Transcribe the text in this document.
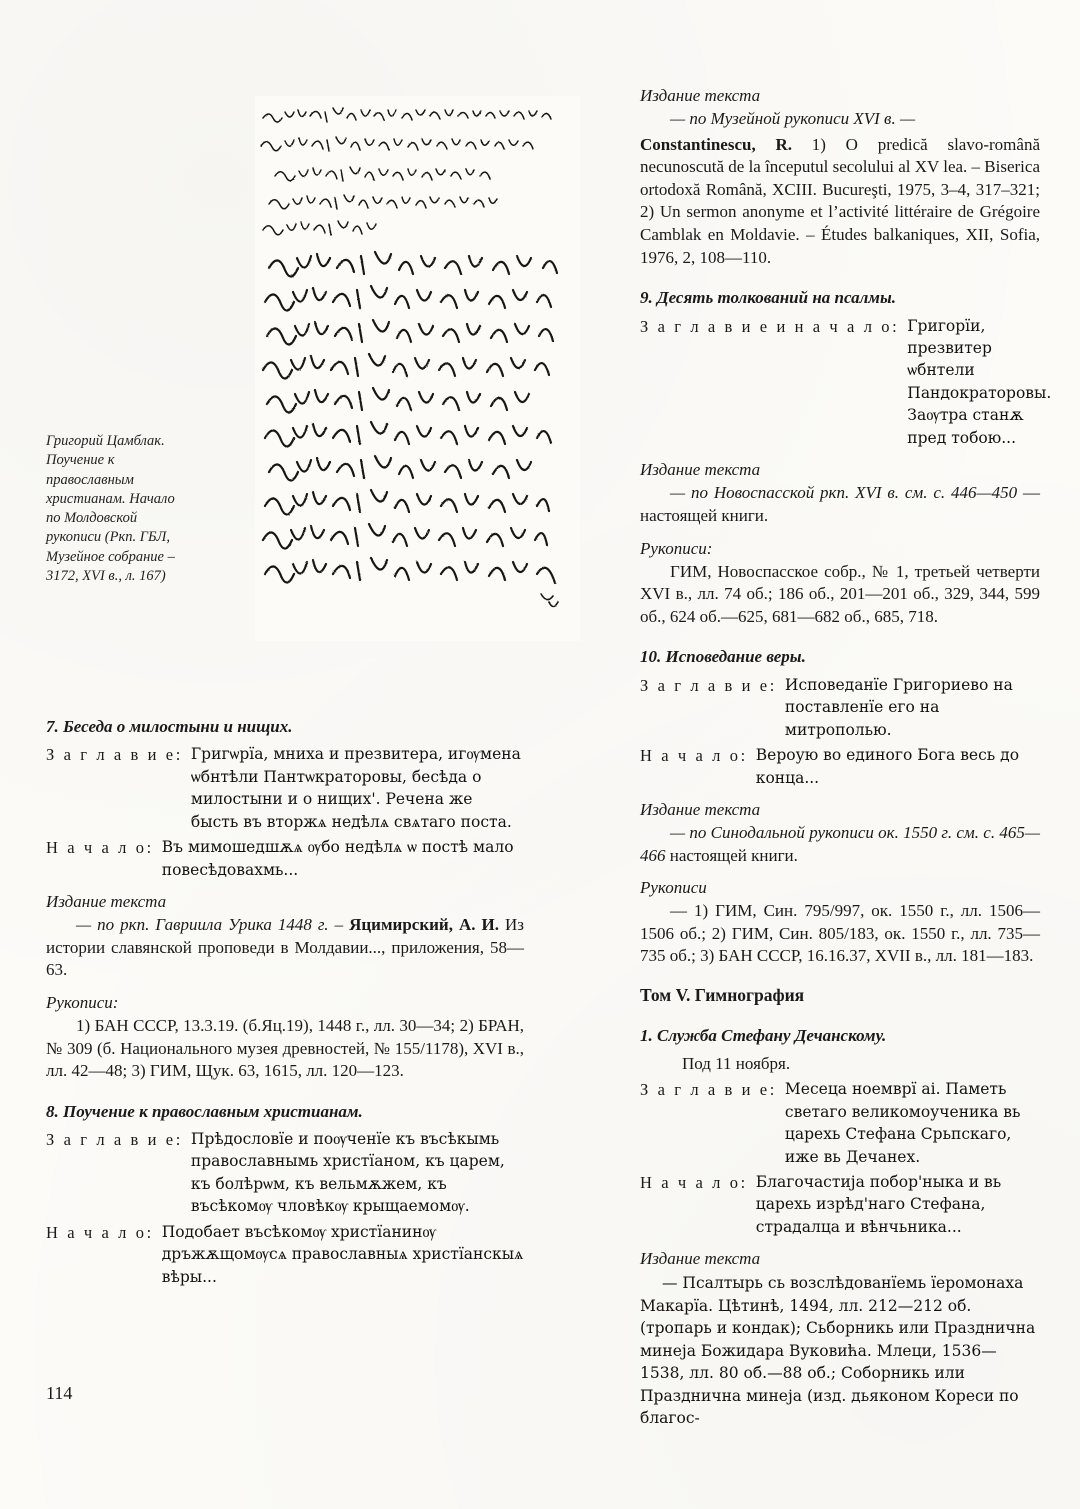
Григорий Цамблак. Поучение к православным христианам. Начало по Молдовской рукописи (Ркп. ГБЛ, Музейное собрание – 3172, XVI в., л. 167)
7. Беседа о милостыни и нищих.
З а г л а в и е: Григѡрїа, мниха и презвитера, игѹмена ѡбнтѣли Пантѡкраторовы, бесѣда о милостыни и о нищих'. Речена же бысть въ вторжѧ недѣлѧ свѧтаго поста.
Н а ч а л о: Въ мимошедшѫѧ ѹбо недѣлѧ ѡ постѣ мало повесѣдовахмь...
Издание текста

— по ркп. Гавриила Урика 1448 г. – Яцимирский, А. И. Из истории славянской проповеди в Молдавии..., приложения, 58—63.

Рукописи:

1) БАН СССР, 13.3.19. (б.Яц.19), 1448 г., лл. 30—34; 2) БРАН, № 309 (б. Национального музея древностей, № 155/1178), XVI в., лл. 42—48; 3) ГИМ, Щук. 63, 1615, лл. 120—123.

8. Поучение к православным христианам.
З а г л а в и е: Прѣдословїе и поѹченїе къ въсѣкымь православнымь христїаном, къ царем, къ болѣрѡм, къ вельмѫжем, къ въсѣкомѹ чловѣкѹ крыщаемомѹ.
Н а ч а л о: Подобает въсѣкомѹ христїанинѹ дръжѫщомѹсѧ православныѧ христїанскыѧ вѣры...
Издание текста

— по Музейной рукописи XVI в. —

Constantinescu, R. 1) O predică slavo-română necunoscută de la începutul secolului al XV lea. – Biserica ortodoxă Română, XCIII. Bucureşti, 1975, 3–4, 317–321; 2) Un sermon anonyme et l’activité littéraire de Grégoire Camblak en Moldavie. – Études balkaniques, XII, Sofia, 1976, 2, 108—110.

9. Десять толкований на псалмы.
З а г л а в и е и н а ч а л о: Григорїи, презвитер ѡбнтели Пандократоровы. Заѹтра станѫ пред тобою...
Издание текста

— по Новоспасской ркп. XVI в. см. с. 446—450 — настоящей книги.

Рукописи:

ГИМ, Новоспасское собр., № 1, третьей четверти XVI в., лл. 74 об.; 186 об., 201—201 об., 329, 344, 599 об., 624 об.—625, 681—682 об., 685, 718.

10. Исповедание веры.
З а г л а в и е: Исповеданїе Григориево на поставленїе его на митрополью.
Н а ч а л о: Вероую во единого Бога весь до конца...
Издание текста

— по Синодальной рукописи ок. 1550 г. см. с. 465—466 настоящей книги.

Рукописи

— 1) ГИМ, Син. 795/997, ок. 1550 г., лл. 1506—1506 об.; 2) ГИМ, Син. 805/183, ок. 1550 г., лл. 735—735 об.; 3) БАН СССР, 16.16.37, XVII в., лл. 181—183.

Том V. Гимнография

1. Служба Стефану Дечанскому.

Под 11 ноября.

З а г л а в и е: Месеца ноемврї аі. Паметь светаго великомоученика вь царехь Стефана Срьпскаго, иже вь Дечанех.
Н а ч а л о: Благочастија побор'ныка и вь царехь изрѣд'наго Стефана, страдалца и вѣнчьника...
Издание текста

— Псалтырь сь возслѣдованїемь їеромонаха Макарїа. Цѣтинѣ, 1494, лл. 212—212 об. (тропарь и кондак); Сьборникь или Празднична минеја Божидара Вуковића. Млеци, 1536—1538, лл. 80 об.—88 об.; Соборникь или Празднична минеја (изд. дьяконом Кореси по благос-

114
